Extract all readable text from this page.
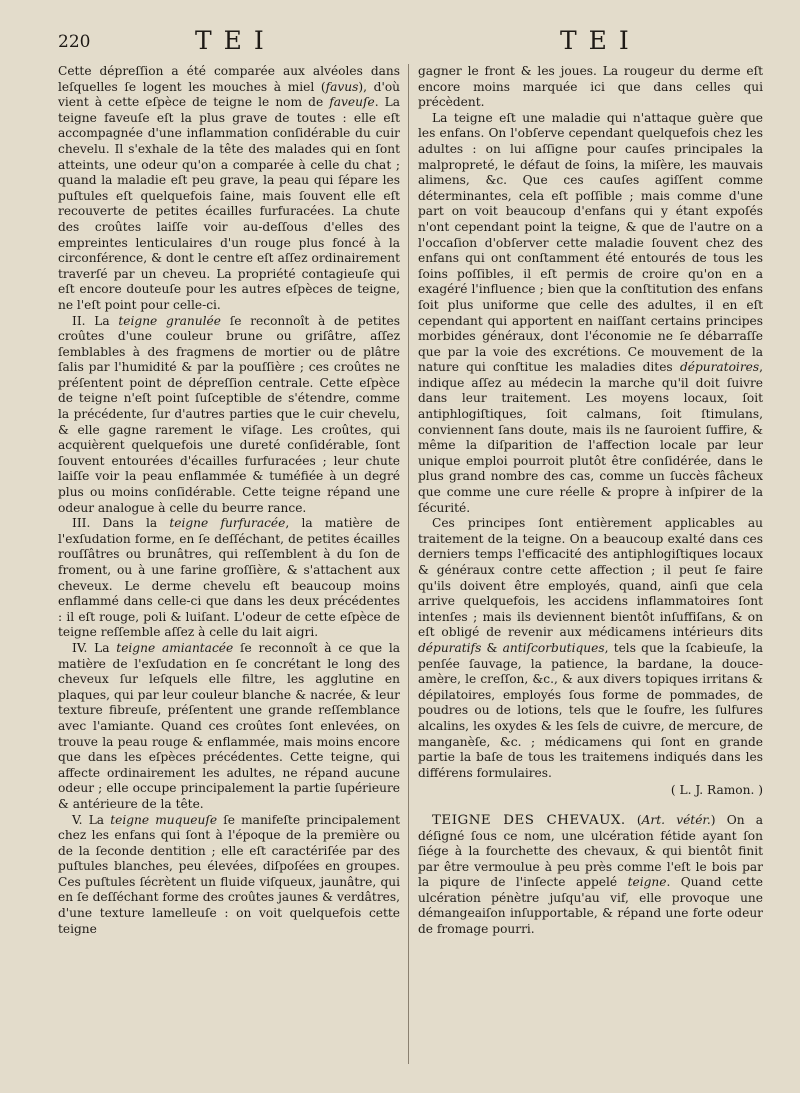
220	TEI	TEI

Cette dépreſſion a été comparée aux alvéoles dans leſquelles ſe logent les mouches à miel (favus), d'où vient à cette eſpèce de teigne le nom de faveuſe. La teigne faveuſe eſt la plus grave de toutes : elle eſt accompagnée d'une inflammation conſidérable du cuir chevelu. Il s'exhale de la tête des malades qui en ſont atteints, une odeur qu'on a comparée à celle du chat ; quand la maladie eſt peu grave, la peau qui ſépare les puſtules eſt quelquefois ſaine, mais ſouvent elle eſt recouverte de petites écailles furfuracées. La chute des croûtes laiſſe voir au-deſſous d'elles des empreintes lenticulaires d'un rouge plus foncé à la circonférence, & dont le centre eſt aſſez ordinairement traverſé par un cheveu. La propriété contagieuſe qui eſt encore douteuſe pour les autres eſpèces de teigne, ne l'eſt point pour celle-ci.

II. La teigne granulée ſe reconnoît à de petites croûtes d'une couleur brune ou griſâtre, aſſez ſemblables à des fragmens de mortier ou de plâtre ſalis par l'humidité & par la pouſſière ; ces croûtes ne préſentent point de dépreſſion centrale. Cette eſpèce de teigne n'eſt point ſuſceptible de s'étendre, comme la précédente, ſur d'autres parties que le cuir chevelu, & elle gagne rarement le viſage. Les croûtes, qui acquièrent quelquefois une dureté conſidérable, ſont ſouvent entourées d'écailles furfuracées ; leur chute laiſſe voir la peau enflammée & tuméfiée à un degré plus ou moins conſidérable. Cette teigne répand une odeur analogue à celle du beurre rance.

III. Dans la teigne furfuracée, la matière de l'exſudation forme, en ſe deſſéchant, de petites écailles rouſſâtres ou brunâtres, qui reſſemblent à du ſon de froment, ou à une farine groſſière, & s'attachent aux cheveux. Le derme chevelu eſt beaucoup moins enflammé dans celle-ci que dans les deux précédentes : il eſt rouge, poli & luiſant. L'odeur de cette eſpèce de teigne reſſemble aſſez à celle du lait aigri.

IV. La teigne amiantacée ſe reconnoît à ce que la matière de l'exſudation en ſe concrétant le long des cheveux ſur leſquels elle filtre, les agglutine en plaques, qui par leur couleur blanche & nacrée, & leur texture fibreuſe, préſentent une grande reſſemblance avec l'amiante. Quand ces croûtes ſont enlevées, on trouve la peau rouge & enflammée, mais moins encore que dans les eſpèces précédentes. Cette teigne, qui affecte ordinairement les adultes, ne répand aucune odeur ; elle occupe principalement la partie ſupérieure & antérieure de la tête.

V. La teigne muqueuſe ſe manifeſte principalement chez les enfans qui ſont à l'époque de la première ou de la ſeconde dentition ; elle eſt caractériſée par des puſtules blanches, peu élevées, diſpoſées en groupes. Ces puſtules ſécrètent un fluide viſqueux, jaunâtre, qui en ſe deſſéchant forme des croûtes jaunes & verdâtres, d'une texture lamelleuſe : on voit quelquefois cette teigne

gagner le front & les joues. La rougeur du derme eſt encore moins marquée ici que dans celles qui précèdent.

La teigne eſt une maladie qui n'attaque guère que les enfans. On l'obſerve cependant quelquefois chez les adultes : on lui aſſigne pour cauſes principales la malpropreté, le défaut de ſoins, la miſère, les mauvais alimens, &c. Que ces cauſes agiſſent comme déterminantes, cela eſt poſſible ; mais comme d'une part on voit beaucoup d'enfans qui y étant expoſés n'ont cependant point la teigne, & que de l'autre on a l'occaſion d'obſerver cette maladie ſouvent chez des enfans qui ont conſtamment été entourés de tous les ſoins poſſibles, il eſt permis de croire qu'on en a exagéré l'influence ; bien que la conſtitution des enfans ſoit plus uniforme que celle des adultes, il en eſt cependant qui apportent en naiſſant certains principes morbides généraux, dont l'économie ne ſe débarraſſe que par la voie des excrétions. Ce mouvement de la nature qui conſtitue les maladies dites dépuratoires, indique aſſez au médecin la marche qu'il doit ſuivre dans leur traitement. Les moyens locaux, ſoit antiphlogiſtiques, ſoit calmans, ſoit ſtimulans, conviennent ſans doute, mais ils ne ſauroient ſuffire, & même la diſparition de l'affection locale par leur unique emploi pourroit plutôt être conſidérée, dans le plus grand nombre des cas, comme un ſuccès fâcheux que comme une cure réelle & propre à inſpirer de la ſécurité.

Ces principes ſont entièrement applicables au traitement de la teigne. On a beaucoup exalté dans ces derniers temps l'efficacité des antiphlogiſtiques locaux & généraux contre cette affection ; il peut ſe faire qu'ils doivent être employés, quand, ainſi que cela arrive quelquefois, les accidens inflammatoires ſont intenſes ; mais ils deviennent bientôt inſuffiſans, & on eſt obligé de revenir aux médicamens intérieurs dits dépuratifs & antiſcorbutiques, tels que la ſcabieuſe, la penſée ſauvage, la patience, la bardane, la douce-amère, le creſſon, &c., & aux divers topiques irritans & dépilatoires, employés ſous forme de pommades, de poudres ou de lotions, tels que le ſoufre, les ſulfures alcalins, les oxydes & les ſels de cuivre, de mercure, de mangan​èſe, &c. ; médicamens qui ſont en grande partie la baſe de tous les traitemens indiqués dans les différens formulaires.

( L. J. Ramon. )

TEIGNE DES CHEVAUX. (Art. vétér.) On a déſigné ſous ce nom, une ulcération fétide ayant ſon ſiége à la fourchette des chevaux, & qui bientôt finit par être vermoulue à peu près comme l'eſt le bois par la piqure de l'inſecte appelé teigne. Quand cette ulcération pénètre juſqu'au vif, elle provoque une démangeaiſon inſupportable, & répand une forte odeur de fromage pourri.
